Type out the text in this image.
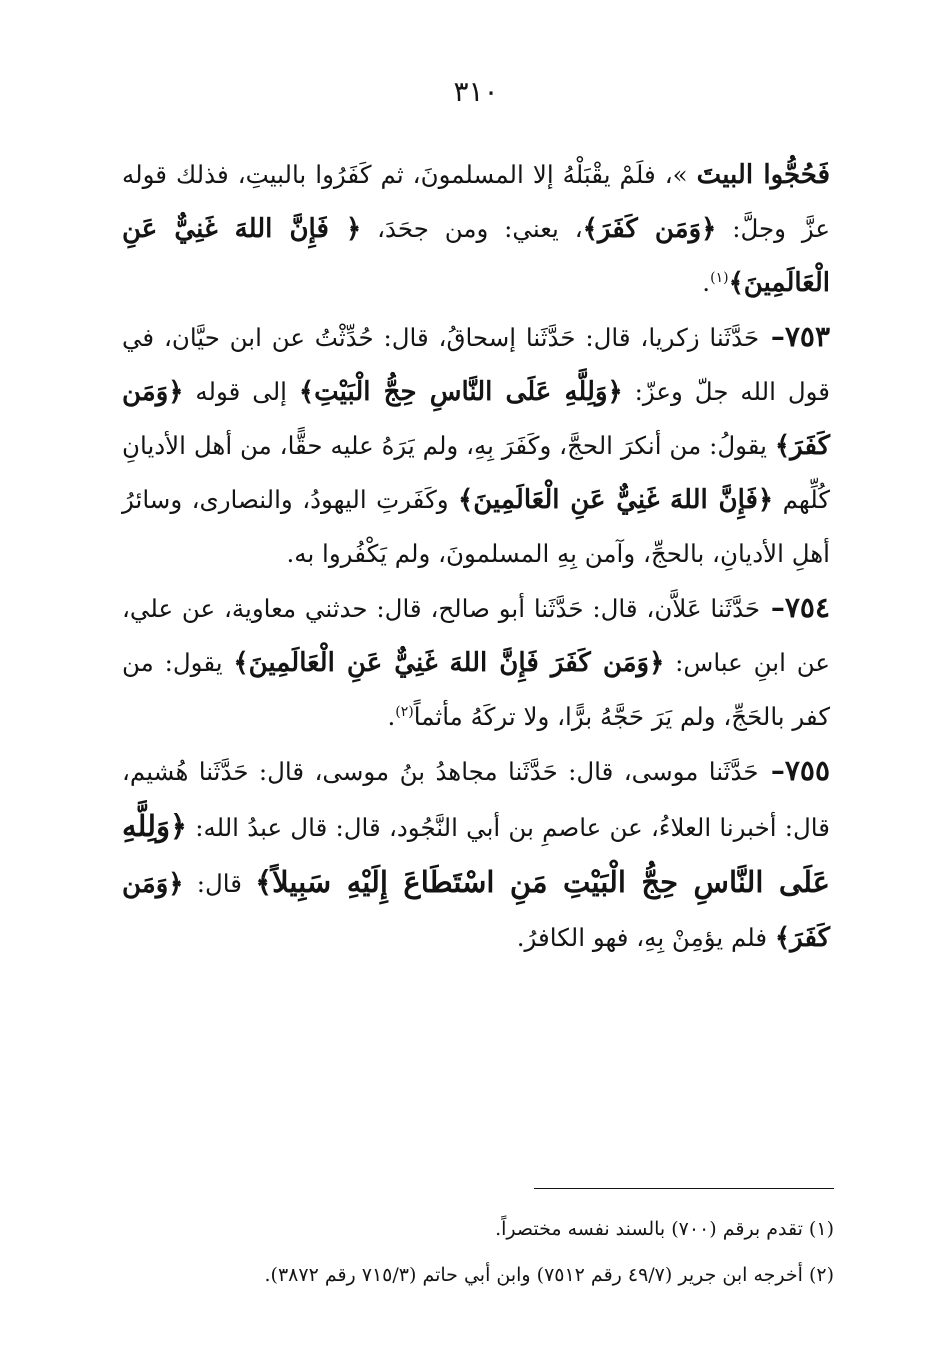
٣١٠

فَحُجُّوا البيتَ »، فلَمْ يقْبَلْهُ إلا المسلمونَ، ثم كَفَرُوا بالبيتِ، فذلك قوله عزَّ وجلَّ: ﴿وَمَن كَفَرَ﴾، يعني: ومن جحَدَ، ﴿ فَإِنَّ اللهَ غَنِيٌّ عَنِ الْعَالَمِينَ﴾$^{(١)}$.

٧٥٣– حَدَّثَنا زكريا، قال: حَدَّثَنا إسحاقُ، قال: حُدِّثْتُ عن ابن حيَّان، في قول الله جلّ وعزّ: ﴿وَلِلَّهِ عَلَى النَّاسِ حِجُّ الْبَيْتِ﴾ إلى قوله ﴿وَمَن كَفَرَ﴾ يقولُ: من أنكرَ الحجَّ، وكَفَرَ بِهِ، ولم يَرَهُ عليه حقًّا، من أهل الأديانِ كُلِّهم ﴿فَإِنَّ اللهَ غَنِيٌّ عَنِ الْعَالَمِينَ﴾ وكَفَرتِ اليهودُ، والنصارى، وسائرُ أهلِ الأديانِ، بالحجِّ، وآمن بِهِ المسلمونَ، ولم يَكْفُروا به.

٧٥٤– حَدَّثَنا عَلاَّن، قال: حَدَّثَنا أبو صالح، قال: حدثني معاوية، عن علي، عن ابنِ عباس: ﴿وَمَن كَفَرَ فَإِنَّ اللهَ غَنِيٌّ عَنِ الْعَالَمِينَ﴾ يقول: من كفر بالحَجِّ، ولم يَرَ حَجَّهُ برًّا، ولا تركَهُ مأثماً$^{(٢)}$.

٧٥٥– حَدَّثَنا موسى، قال: حَدَّثَنا مجاهدُ بنُ موسى، قال: حَدَّثَنا هُشيم، قال: أخبرنا العلاءُ، عن عاصمِ بن أبي النَّجُود، قال: قال عبدُ الله: ﴿وَلِلَّهِ عَلَى النَّاسِ حِجُّ الْبَيْتِ مَنِ اسْتَطَاعَ إِلَيْهِ سَبِيلاً﴾ قال: ﴿وَمَن كَفَرَ﴾ فلم يؤمِنْ بِهِ، فهو الكافرُ.

(١) تقدم برقم (٧٠٠) بالسند نفسه مختصراً.

(٢) أخرجه ابن جرير (٤٩/٧ رقم ٧٥١٢) وابن أبي حاتم (٧١٥/٣ رقم ٣٨٧٢).
